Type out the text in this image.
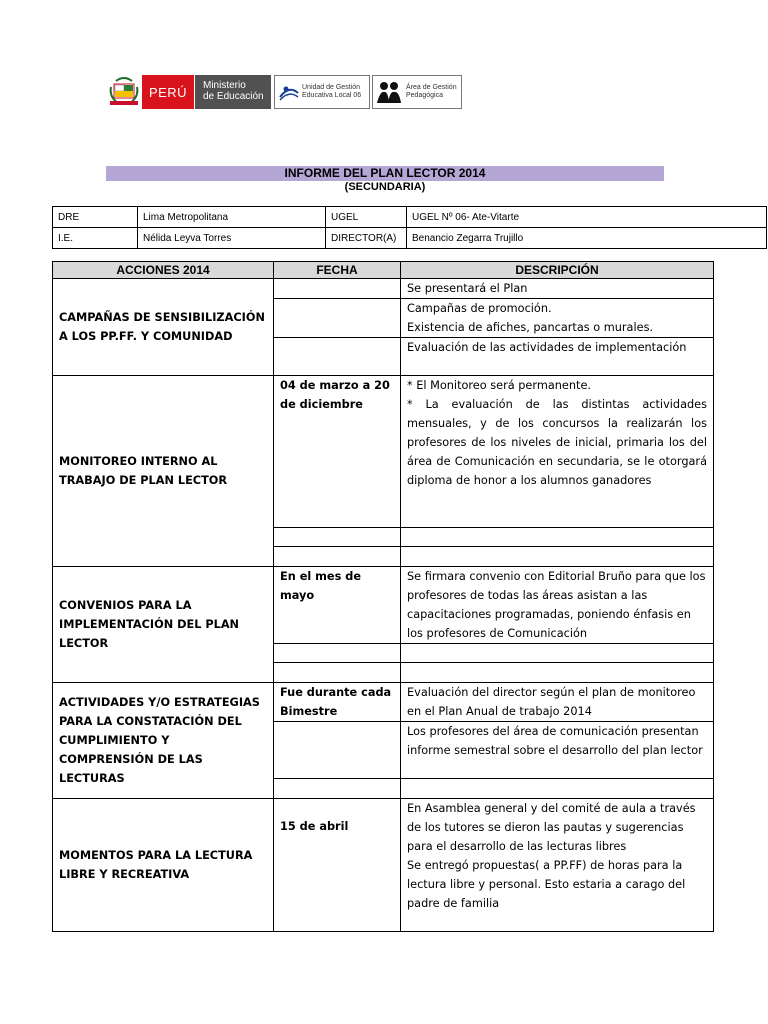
PERÚ Ministerio
de Educación
Unidad de Gestión
Educativa Local 06
Área de Gestión
Pedagógica
INFORME DEL PLAN LECTOR 2014
(SECUNDARIA)
DRE	Lima Metropolitana	UGEL	UGEL Nº 06- Ate-Vitarte
I.E.	Nélida Leyva Torres	DIRECTOR(A)	Benancio Zegarra Trujillo
ACCIONES 2014	FECHA	DESCRIPCIÓN
CAMPAÑAS DE SENSIBILIZACIÓN A LOS PP.FF. Y COMUNIDAD		Se presentará el Plan
		Campañas de promoción.
Existencia de afiches, pancartas o murales.
		Evaluación de las actividades de implementación
MONITOREO INTERNO AL TRABAJO DE PLAN LECTOR	04 de marzo a 20 de diciembre	* El Monitoreo será permanente.
* La evaluación de las distintas actividades mensuales, y de los concursos la realizarán los profesores de los niveles de inicial, primaria los del área de Comunicación en secundaria, se le otorgará diploma de honor a los alumnos ganadores

CONVENIOS PARA LA IMPLEMENTACIÓN DEL PLAN LECTOR	En el mes de mayo	Se firmara convenio con Editorial Bruño para que los profesores de todas las áreas asistan a las capacitaciones programadas, poniendo énfasis en los profesores de Comunicación

ACTIVIDADES Y/O ESTRATEGIAS PARA LA CONSTATACIÓN DEL CUMPLIMIENTO Y COMPRENSIÓN DE LAS LECTURAS	Fue durante cada Bimestre	Evaluación del director según el plan de monitoreo en el Plan Anual de trabajo 2014
		Los profesores del área de comunicación presentan informe semestral sobre el desarrollo del plan lector

MOMENTOS PARA LA LECTURA LIBRE Y RECREATIVA	15 de abril	En Asamblea general y del comité de aula a través de los tutores se dieron las pautas y sugerencias para el desarrollo de las lecturas libres
Se entregó propuestas( a PP.FF) de horas para la lectura libre y personal. Esto estaria a carago del padre de familia
